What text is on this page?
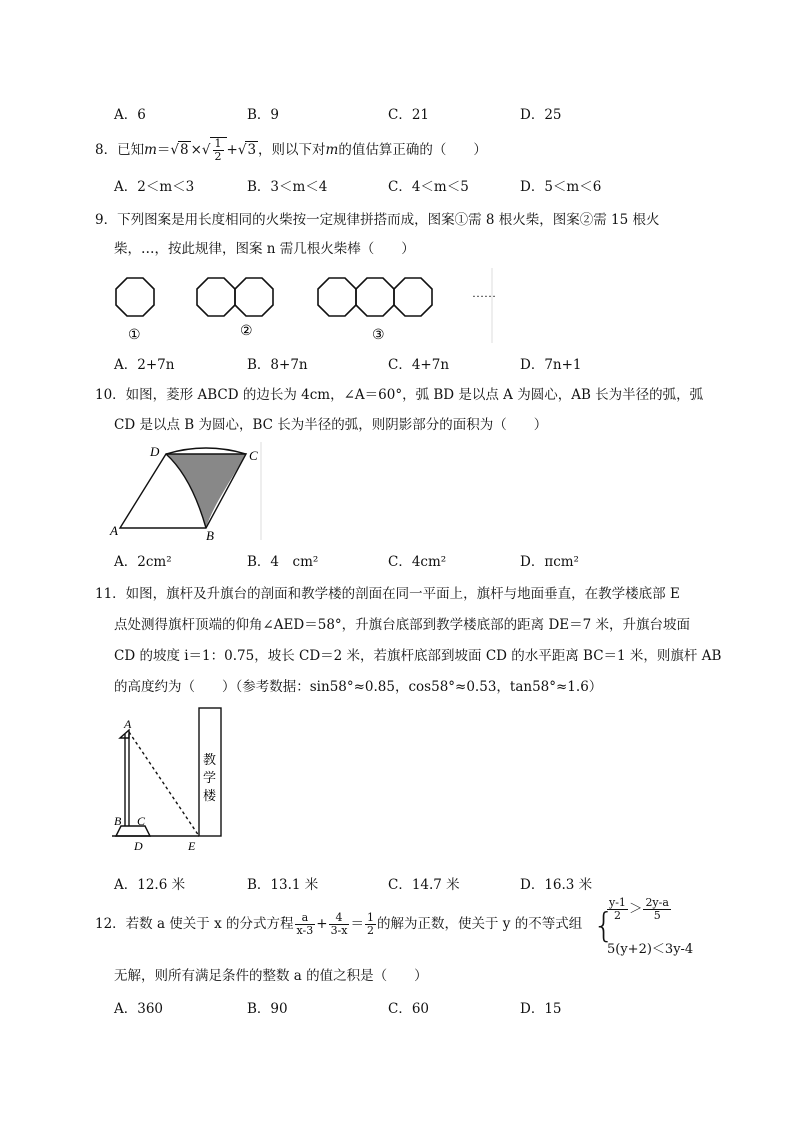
A．6	B．9	C．21	D．25
8．已知m＝√8 ×√ $\frac{1}{2} +√3$ ，则以下对m的值估算正确的（　　）
A．2＜m＜3	B．3＜m＜4	C．4＜m＜5	D．5＜m＜6
9．下列图案是用长度相同的火柴按一定规律拼搭而成，图案①需 8 根火柴，图案②需 15 根火
柴，…，按此规律，图案 n 需几根火柴棒（　　）
①	②	③
……
A．2+7n	B．8+7n	C．4+7n	D．7n+1
10．如图，菱形 ABCD 的边长为 4cm，∠A＝60°，弧 BD 是以点 A 为圆心，AB 长为半径的弧，弧
CD 是以点 B 为圆心，BC 长为半径的弧，则阴影部分的面积为（　　）
A	B
C
D
A．2cm²	B．4　cm²	C．4cm²	D．πcm²
11．如图，旗杆及升旗台的剖面和教学楼的剖面在同一平面上，旗杆与地面垂直，在教学楼底部 E
点处测得旗杆顶端的仰角∠AED＝58°，升旗台底部到教学楼底部的距离 DE＝7 米，升旗台坡面
CD 的坡度 i＝1：0.75，坡长 CD＝2 米，若旗杆底部到坡面 CD 的水平距离 BC＝1 米，则旗杆 AB
的高度约为（　　）（参考数据：sin58°≈0.85，cos58°≈0.53，tan58°≈1.6）
A
B C
D	E
教
学
楼
A．12.6 米	B．13.1 米	C．14.7 米	D．16.3 米
12．若数 a 使关于 x 的分式方程 $\frac{a}{x-3} + \frac{4}{3-x} = \frac{1}{2}$ 的解为正数，使关于 y 的不等式组 {
$\frac{y-1}{2} > \frac{2y-a}{5}$
5(y+2)＜3y-4
无解，则所有满足条件的整数 a 的值之积是（　　）
A．360	B．90	C．60	D．15
